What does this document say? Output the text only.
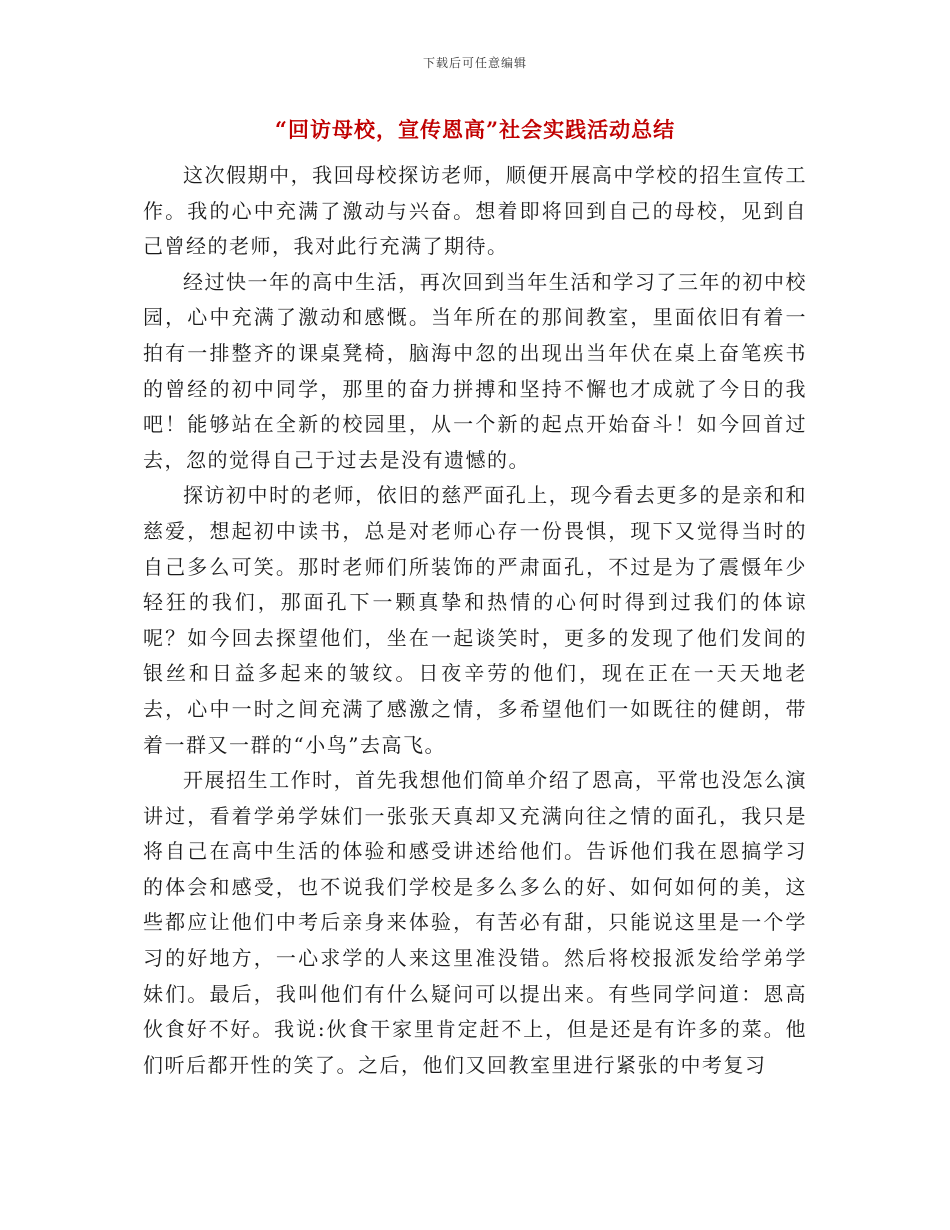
下载后可任意编辑
“回访母校，宣传恩高”社会实践活动总结

这次假期中，我回母校探访老师，顺便开展高中学校的招生宣传工作。我的心中充满了激动与兴奋。想着即将回到自己的母校，见到自己曾经的老师，我对此行充满了期待。

经过快一年的高中生活，再次回到当年生活和学习了三年的初中校园，心中充满了激动和感慨。当年所在的那间教室，里面依旧有着一拍有一排整齐的课桌凳椅，脑海中忽的出现出当年伏在桌上奋笔疾书的曾经的初中同学，那里的奋力拼搏和坚持不懈也才成就了今日的我吧！能够站在全新的校园里，从一个新的起点开始奋斗！如今回首过去，忽的觉得自己于过去是没有遗憾的。

探访初中时的老师，依旧的慈严面孔上，现今看去更多的是亲和和慈爱，想起初中读书，总是对老师心存一份畏惧，现下又觉得当时的自己多么可笑。那时老师们所装饰的严肃面孔，不过是为了震慑年少轻狂的我们，那面孔下一颗真挚和热情的心何时得到过我们的体谅呢？如今回去探望他们，坐在一起谈笑时，更多的发现了他们发间的银丝和日益多起来的皱纹。日夜辛劳的他们，现在正在一天天地老去，心中一时之间充满了感激之情，多希望他们一如既往的健朗，带着一群又一群的“小鸟”去高飞。

开展招生工作时，首先我想他们简单介绍了恩高，平常也没怎么演讲过，看着学弟学妹们一张张天真却又充满向往之情的面孔，我只是将自己在高中生活的体验和感受讲述给他们。告诉他们我在恩搞学习的体会和感受，也不说我们学校是多么多么的好、如何如何的美，这些都应让他们中考后亲身来体验，有苦必有甜，只能说这里是一个学习的好地方，一心求学的人来这里准没错。然后将校报派发给学弟学妹们。最后，我叫他们有什么疑问可以提出来。有些同学问道：恩高伙食好不好。我说:伙食干家里肯定赶不上，但是还是有许多的菜。他们听后都开性的笑了。之后，他们又回教室里进行紧张的中考复习
